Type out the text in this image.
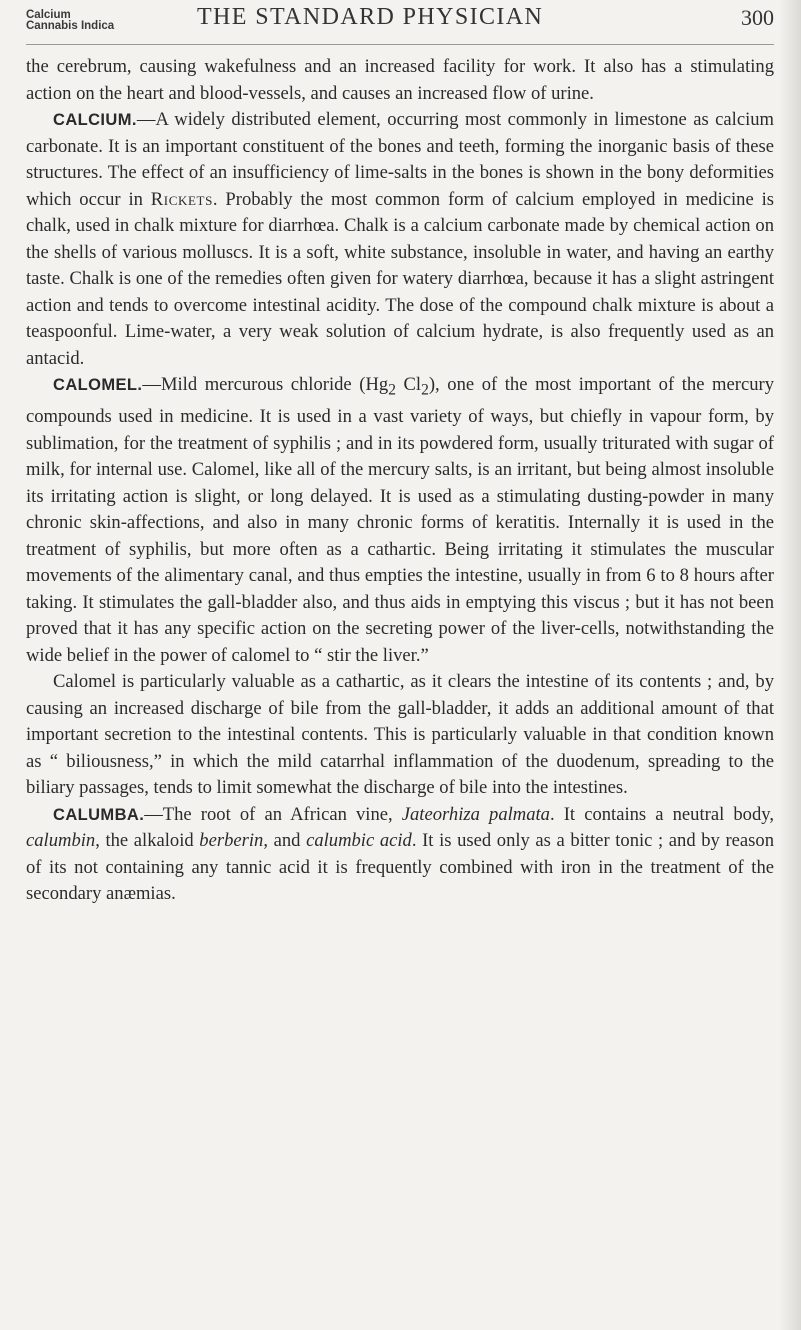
Calcium
Cannabis Indica	THE STANDARD PHYSICIAN	300

the cerebrum, causing wakefulness and an increased facility for work. It also has a stimulating action on the heart and blood-vessels, and causes an increased flow of urine.

CALCIUM.—A widely distributed element, occurring most commonly in limestone as calcium carbonate. It is an important constituent of the bones and teeth, forming the inorganic basis of these structures. The effect of an insufficiency of lime-salts in the bones is shown in the bony deformities which occur in Rickets. Probably the most common form of calcium employed in medicine is chalk, used in chalk mixture for diarrhœa. Chalk is a calcium carbonate made by chemical action on the shells of various molluscs. It is a soft, white substance, insoluble in water, and having an earthy taste. Chalk is one of the remedies often given for watery diarrhœa, because it has a slight astringent action and tends to overcome intestinal acidity. The dose of the compound chalk mixture is about a teaspoonful. Lime-water, a very weak solution of calcium hydrate, is also frequently used as an antacid.

CALOMEL.—Mild mercurous chloride ($Hg_2$ $Cl_2$), one of the most important of the mercury compounds used in medicine. It is used in a vast variety of ways, but chiefly in vapour form, by sublimation, for the treatment of syphilis ; and in its powdered form, usually triturated with sugar of milk, for internal use. Calomel, like all of the mercury salts, is an irritant, but being almost insoluble its irritating action is slight, or long delayed. It is used as a stimulating dusting-powder in many chronic skin-affections, and also in many chronic forms of keratitis. Internally it is used in the treatment of syphilis, but more often as a cathartic. Being irritating it stimulates the muscular movements of the alimentary canal, and thus empties the intestine, usually in from 6 to 8 hours after taking. It stimulates the gall-bladder also, and thus aids in emptying this viscus ; but it has not been proved that it has any specific action on the secreting power of the liver-cells, notwithstanding the wide belief in the power of calomel to “ stir the liver.”

Calomel is particularly valuable as a cathartic, as it clears the intestine of its contents ; and, by causing an increased discharge of bile from the gall-bladder, it adds an additional amount of that important secretion to the intestinal contents. This is particularly valuable in that condition known as “ biliousness,” in which the mild catarrhal inflammation of the duodenum, spreading to the biliary passages, tends to limit somewhat the discharge of bile into the intestines.

CALUMBA.—The root of an African vine, Jateorhiza palmata. It contains a neutral body, calumbin, the alkaloid berberin, and calumbic acid. It is used only as a bitter tonic ; and by reason of its not containing any tannic acid it is frequently combined with iron in the treatment of the secondary anæmias.
